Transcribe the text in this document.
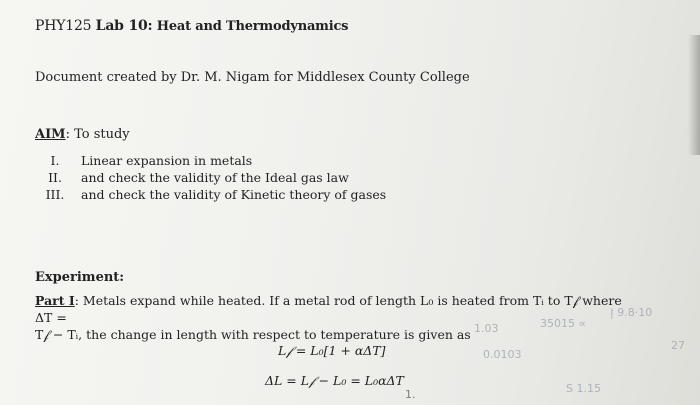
PHY125 Lab 10: Heat and Thermodynamics
Document created by Dr. M. Nigam for Middlesex County College
AIM: To study
I.	Linear expansion in metals
II.	and check the validity of the Ideal gas law
III.	and check the validity of Kinetic theory of gases
Experiment:
Part I: Metals expand while heated. If a metal rod of length L₀ is heated from Tᵢ to T𝒻 where ΔT =
T𝒻 − Tᵢ, the change in length with respect to temperature is given as
L𝒻 = L₀[1 + αΔT]
ΔL = L𝒻 − L₀ = L₀αΔT
1.03	35015 ∝
| 9.8·10
27
0.0103
S 1.15
1.
